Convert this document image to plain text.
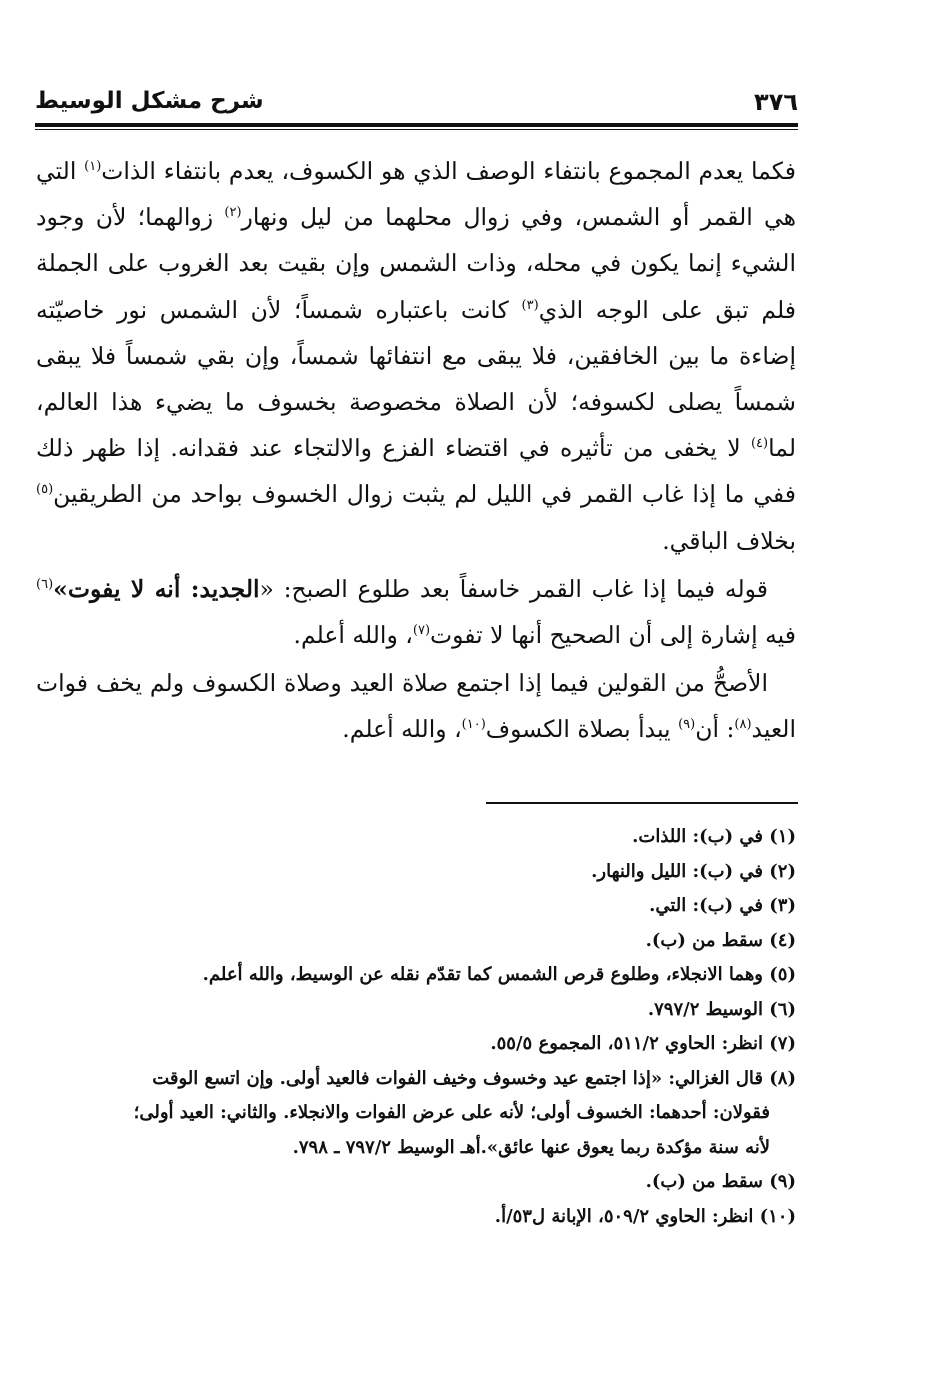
٣٧٦
شرح مشكل الوسيط

فكما يعدم المجموع بانتفاء الوصف الذي هو الكسوف، يعدم بانتفاء الذات$^{(١)}$ التي هي القمر أو الشمس، وفي زوال محلهما من ليل ونهار$^{(٢)}$ زوالهما؛ لأن وجود الشيء إنما يكون في محله، وذات الشمس وإن بقيت بعد الغروب على الجملة فلم تبق على الوجه الذي$^{(٣)}$ كانت باعتباره شمساً؛ لأن الشمس نور خاصيّته إضاءة ما بين الخافقين، فلا يبقى مع انتفائها شمساً، وإن بقي شمساً فلا يبقى شمساً يصلى لكسوفه؛ لأن الصلاة مخصوصة بخسوف ما يضيء هذا العالم، لما$^{(٤)}$ لا يخفى من تأثيره في اقتضاء الفزع والالتجاء عند فقدانه. إذا ظهر ذلك ففي ما إذا غاب القمر في الليل لم يثبت زوال الخسوف بواحد من الطريقين$^{(٥)}$ بخلاف الباقي.

قوله فيما إذا غاب القمر خاسفاً بعد طلوع الصبح: «الجديد: أنه لا يفوت»$^{(٦)}$ فيه إشارة إلى أن الصحيح أنها لا تفوت$^{(٧)}$، والله أعلم.

الأصحُّ من القولين فيما إذا اجتمع صلاة العيد وصلاة الكسوف ولم يخف فوات العيد$^{(٨)}$: أن$^{(٩)}$ يبدأ بصلاة الكسوف$^{(١٠)}$، والله أعلم.

(١) في (ب): اللذات.

(٢) في (ب): الليل والنهار.

(٣) في (ب): التي.

(٤) سقط من (ب).

(٥) وهما الانجلاء، وطلوع قرص الشمس كما تقدّم نقله عن الوسيط، والله أعلم.

(٦) الوسيط ٧٩٧/٢.

(٧) انظر: الحاوي ٥١١/٢، المجموع ٥٥/٥.

(٨) قال الغزالي: «إذا اجتمع عيد وخسوف وخيف الفوات فالعيد أولى. وإن اتسع الوقت

فقولان: أحدهما: الخسوف أولى؛ لأنه على عرض الفوات والانجلاء. والثاني: العيد أولى؛

لأنه سنة مؤكدة ربما يعوق عنها عائق».أهـ الوسيط ٧٩٧/٢ ـ ٧٩٨.

(٩) سقط من (ب).

(١٠) انظر: الحاوي ٥٠٩/٢، الإبانة ل٥٣/أ.
